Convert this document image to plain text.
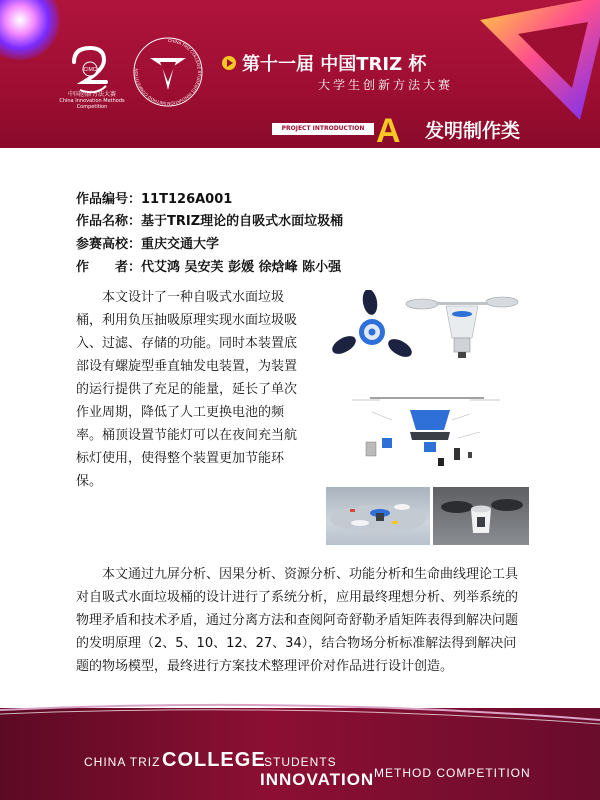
CIMC
中国创新方法大赛
China Innovation Methods Competition
CHINA TRIZ COLLEGE STUDENTS INNOVATION METHOD COMPETITION	第十一届 中国TRIZ 杯
大学生创新方法大赛
PROJECT INTRODUCTION A	发明制作类
作品编号：11T126A001
作品名称：基于TRIZ理论的自吸式水面垃圾桶
参赛高校：重庆交通大学
作　　者：代艾鸿 吴安芙 彭媛 徐焓峰 陈小强

本文设计了一种自吸式水面垃圾桶，利用负压抽吸原理实现水面垃圾吸入、过滤、存储的功能。同时本装置底部设有螺旋型垂直轴发电装置，为装置的运行提供了充足的能量，延长了单次作业周期，降低了人工更换电池的频率。桶顶设置节能灯可以在夜间充当航标灯使用，使得整个装置更加节能环保。

本文通过九屏分析、因果分析、资源分析、功能分析和生命曲线理论工具对自吸式水面垃圾桶的设计进行了系统分析，应用最终理想分析、列举系统的物理矛盾和技术矛盾，通过分离方法和查阅阿奇舒勒矛盾矩阵表得到解决问题的发明原理（2、5、10、12、27、34），结合物场分析标准解法得到解决问题的物场模型，最终进行方案技术整理评价对作品进行设计创造。

CHINA TRIZ COLLEGE
STUDENTS
INNOVATION METHOD COMPETITION
